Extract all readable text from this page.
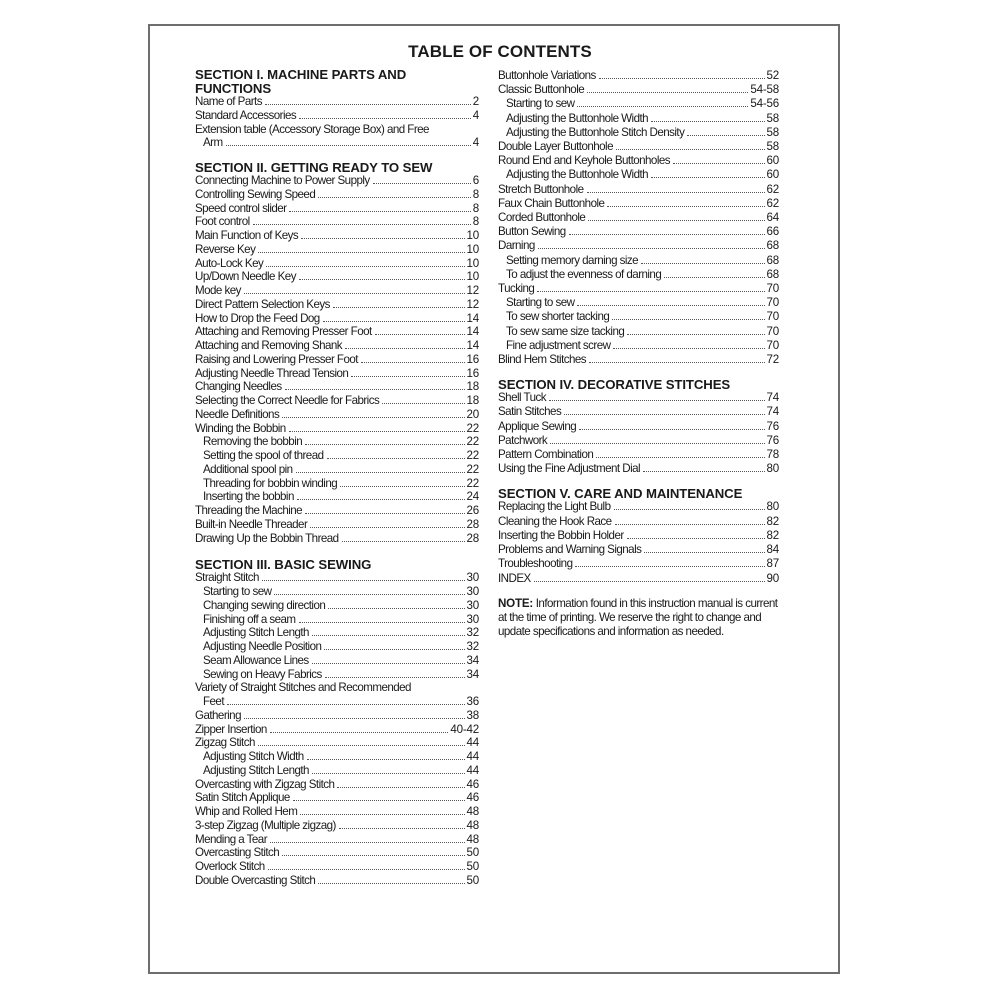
TABLE OF CONTENTS
SECTION I. MACHINE PARTS AND
FUNCTIONS
Name of Parts	2
Standard Accessories	4
Extension table (Accessory Storage Box) and Free
Arm	4
SECTION II. GETTING READY TO SEW
Connecting Machine to Power Supply	6
Controlling Sewing Speed	8
Speed control slider	8
Foot control	8
Main Function of Keys	10
Reverse Key	10
Auto-Lock Key	10
Up/Down Needle Key	10
Mode key	12
Direct Pattern Selection Keys	12
How to Drop the Feed Dog	14
Attaching and Removing Presser Foot	14
Attaching and Removing Shank	14
Raising and Lowering Presser Foot	16
Adjusting Needle Thread Tension	16
Changing Needles	18
Selecting the Correct Needle for Fabrics	18
Needle Definitions	20
Winding the Bobbin	22
Removing the bobbin	22
Setting the spool of thread	22
Additional spool pin	22
Threading for bobbin winding	22
Inserting the bobbin	24
Threading the Machine	26
Built-in Needle Threader	28
Drawing Up the Bobbin Thread	28
SECTION III. BASIC SEWING
Straight Stitch	30
Starting to sew	30
Changing sewing direction	30
Finishing off a seam	30
Adjusting Stitch Length	32
Adjusting Needle Position	32
Seam Allowance Lines	34
Sewing on Heavy Fabrics	34
Variety of Straight Stitches and Recommended
Feet	36
Gathering	38
Zipper Insertion	40-42
Zigzag Stitch	44
Adjusting Stitch Width	44
Adjusting Stitch Length	44
Overcasting with Zigzag Stitch	46
Satin Stitch Applique	46
Whip and Rolled Hem	48
3-step Zigzag (Multiple zigzag)	48
Mending a Tear	48
Overcasting Stitch	50
Overlock Stitch	50
Double Overcasting Stitch	50
Buttonhole Variations	52
Classic Buttonhole	54-58
Starting to sew	54-56
Adjusting the Buttonhole Width	58
Adjusting the Buttonhole Stitch Density	58
Double Layer Buttonhole	58
Round End and Keyhole Buttonholes	60
Adjusting the Buttonhole Width	60
Stretch Buttonhole	62
Faux Chain Buttonhole	62
Corded Buttonhole	64
Button Sewing	66
Darning	68
Setting memory darning size	68
To adjust the evenness of darning	68
Tucking	70
Starting to sew	70
To sew shorter tacking	70
To sew same size tacking	70
Fine adjustment screw	70
Blind Hem Stitches	72
SECTION IV. DECORATIVE STITCHES
Shell Tuck	74
Satin Stitches	74
Applique Sewing	76
Patchwork	76
Pattern Combination	78
Using the Fine Adjustment Dial	80
SECTION V. CARE AND MAINTENANCE
Replacing the Light Bulb	80
Cleaning the Hook Race	82
Inserting the Bobbin Holder	82
Problems and Warning Signals	84
Troubleshooting	87
INDEX	90

NOTE: Information found in this instruction manual is current at the time of printing. We reserve the right to change and update specifications and information as needed.
